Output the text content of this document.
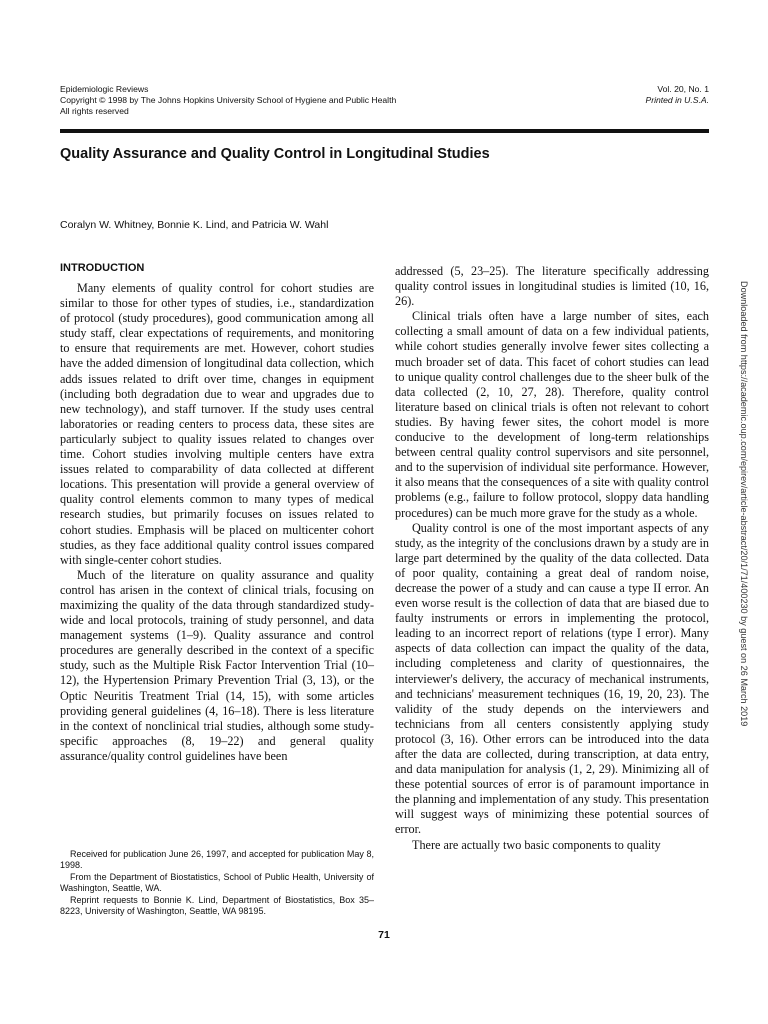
Epidemiologic Reviews
Copyright © 1998 by The Johns Hopkins University School of Hygiene and Public Health
All rights reserved
Vol. 20, No. 1
Printed in U.S.A.
Quality Assurance and Quality Control in Longitudinal Studies
Coralyn W. Whitney, Bonnie K. Lind, and Patricia W. Wahl
INTRODUCTION

Many elements of quality control for cohort studies are similar to those for other types of studies, i.e., standardization of protocol (study procedures), good communication among all study staff, clear expectations of requirements, and monitoring to ensure that requirements are met. However, cohort studies have the added dimension of longitudinal data collection, which adds issues related to drift over time, changes in equipment (including both degradation due to wear and upgrades due to new technology), and staff turnover. If the study uses central laboratories or reading centers to process data, these sites are particularly subject to quality issues related to changes over time. Cohort studies involving multiple centers have extra issues related to comparability of data collected at different locations. This presentation will provide a general overview of quality control elements common to many types of medical research studies, but primarily focuses on issues related to cohort studies. Emphasis will be placed on multicenter cohort studies, as they face additional quality control issues compared with single-center cohort studies.

Much of the literature on quality assurance and quality control has arisen in the context of clinical trials, focusing on maximizing the quality of the data through standardized study-wide and local protocols, training of study personnel, and data management systems (1–9). Quality assurance and control procedures are generally described in the context of a specific study, such as the Multiple Risk Factor Intervention Trial (10–12), the Hypertension Primary Prevention Trial (3, 13), or the Optic Neuritis Treatment Trial (14, 15), with some articles providing general guidelines (4, 16–18). There is less literature in the context of nonclinical trial studies, although some study-specific approaches (8, 19–22) and general quality assurance/quality control guidelines have been

addressed (5, 23–25). The literature specifically addressing quality control issues in longitudinal studies is limited (10, 16, 26).

Clinical trials often have a large number of sites, each collecting a small amount of data on a few individual patients, while cohort studies generally involve fewer sites collecting a much broader set of data. This facet of cohort studies can lead to unique quality control challenges due to the sheer bulk of the data collected (2, 10, 27, 28). Therefore, quality control literature based on clinical trials is often not relevant to cohort studies. By having fewer sites, the cohort model is more conducive to the development of long-term relationships between central quality control supervisors and site personnel, and to the supervision of individual site performance. However, it also means that the consequences of a site with quality control problems (e.g., failure to follow protocol, sloppy data handling procedures) can be much more grave for the study as a whole.

Quality control is one of the most important aspects of any study, as the integrity of the conclusions drawn by a study are in large part determined by the quality of the data collected. Data of poor quality, containing a great deal of random noise, decrease the power of a study and can cause a type II error. An even worse result is the collection of data that are biased due to faulty instruments or errors in implementing the protocol, leading to an incorrect report of relations (type I error). Many aspects of data collection can impact the quality of the data, including completeness and clarity of questionnaires, the interviewer's delivery, the accuracy of mechanical instruments, and technicians' measurement techniques (16, 19, 20, 23). The validity of the study depends on the interviewers and technicians from all centers consistently applying study protocol (3, 16). Other errors can be introduced into the data after the data are collected, during transcription, at data entry, and data manipulation for analysis (1, 2, 29). Minimizing all of these potential sources of error is of paramount importance in the planning and implementation of any study. This presentation will suggest ways of minimizing these potential sources of error.

There are actually two basic components to quality

Received for publication June 26, 1997, and accepted for publication May 8, 1998.

From the Department of Biostatistics, School of Public Health, University of Washington, Seattle, WA.

Reprint requests to Bonnie K. Lind, Department of Biostatistics, Box 35–8223, University of Washington, Seattle, WA 98195.

71
Downloaded from https://academic.oup.com/epirev/article-abstract/20/1/71/400230 by guest on 26 March 2019
